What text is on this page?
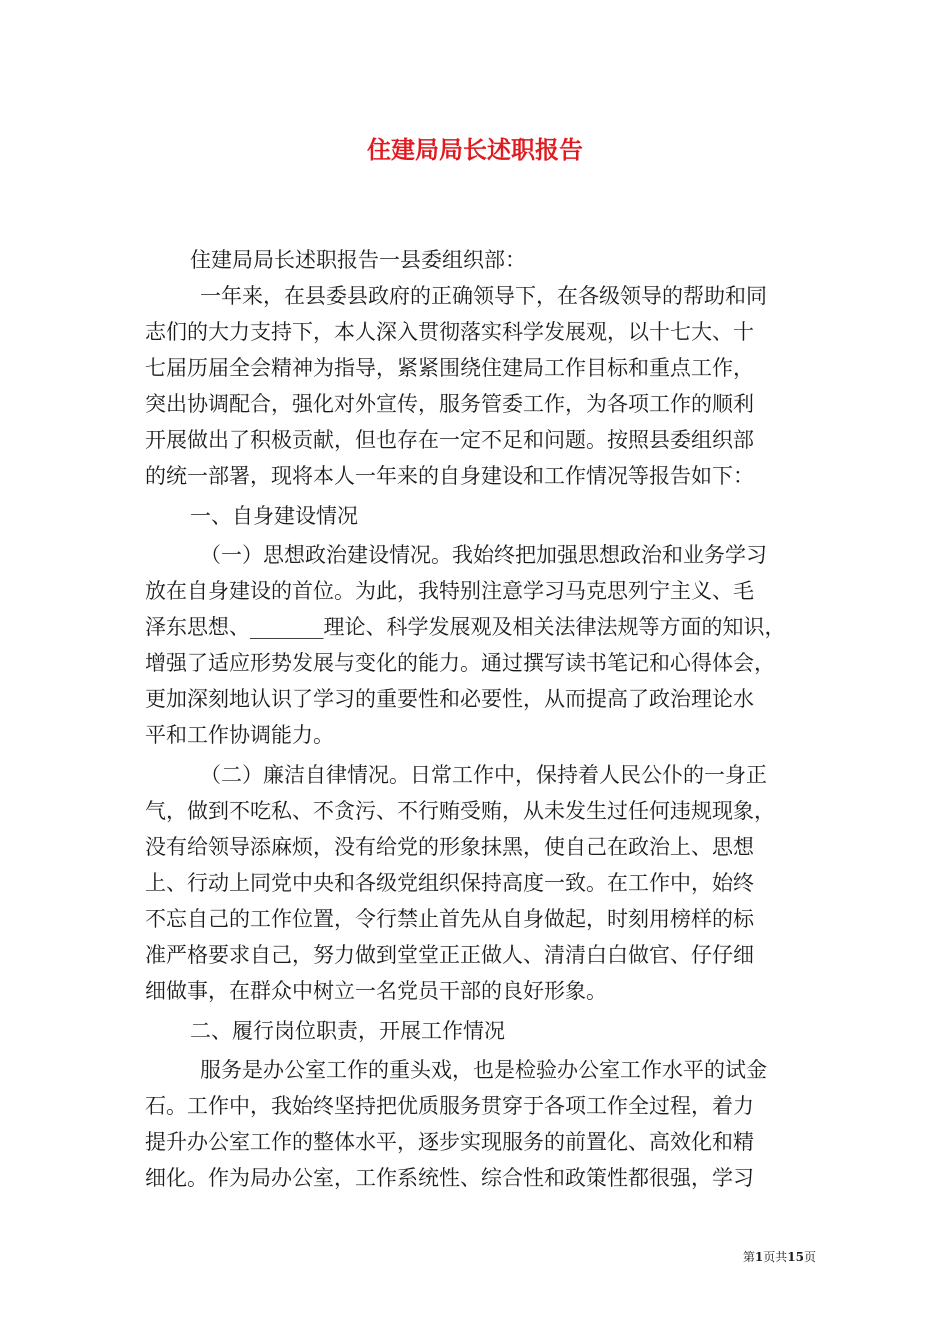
住建局局长述职报告
住建局局长述职报告一县委组织部：
一年来，在县委县政府的正确领导下，在各级领导的帮助和同
志们的大力支持下，本人深入贯彻落实科学发展观，以十七大、十
七届历届全会精神为指导，紧紧围绕住建局工作目标和重点工作，
突出协调配合，强化对外宣传，服务管委工作，为各项工作的顺利
开展做出了积极贡献，但也存在一定不足和问题。按照县委组织部
的统一部署，现将本人一年来的自身建设和工作情况等报告如下：
一、自身建设情况
（一）思想政治建设情况。我始终把加强思想政治和业务学习
放在自身建设的首位。为此，我特别注意学习马克思列宁主义、毛
泽东思想、_______理论、科学发展观及相关法律法规等方面的知识，
增强了适应形势发展与变化的能力。通过撰写读书笔记和心得体会，
更加深刻地认识了学习的重要性和必要性，从而提高了政治理论水
平和工作协调能力。
（二）廉洁自律情况。日常工作中，保持着人民公仆的一身正
气，做到不吃私、不贪污、不行贿受贿，从未发生过任何违规现象，
没有给领导添麻烦，没有给党的形象抹黑，使自己在政治上、思想
上、行动上同党中央和各级党组织保持高度一致。在工作中，始终
不忘自己的工作位置，令行禁止首先从自身做起，时刻用榜样的标
准严格要求自己，努力做到堂堂正正做人、清清白白做官、仔仔细
细做事，在群众中树立一名党员干部的良好形象。
二、履行岗位职责，开展工作情况
服务是办公室工作的重头戏，也是检验办公室工作水平的试金
石。工作中，我始终坚持把优质服务贯穿于各项工作全过程，着力
提升办公室工作的整体水平，逐步实现服务的前置化、高效化和精
细化。作为局办公室，工作系统性、综合性和政策性都很强，学习
第1页共15页
